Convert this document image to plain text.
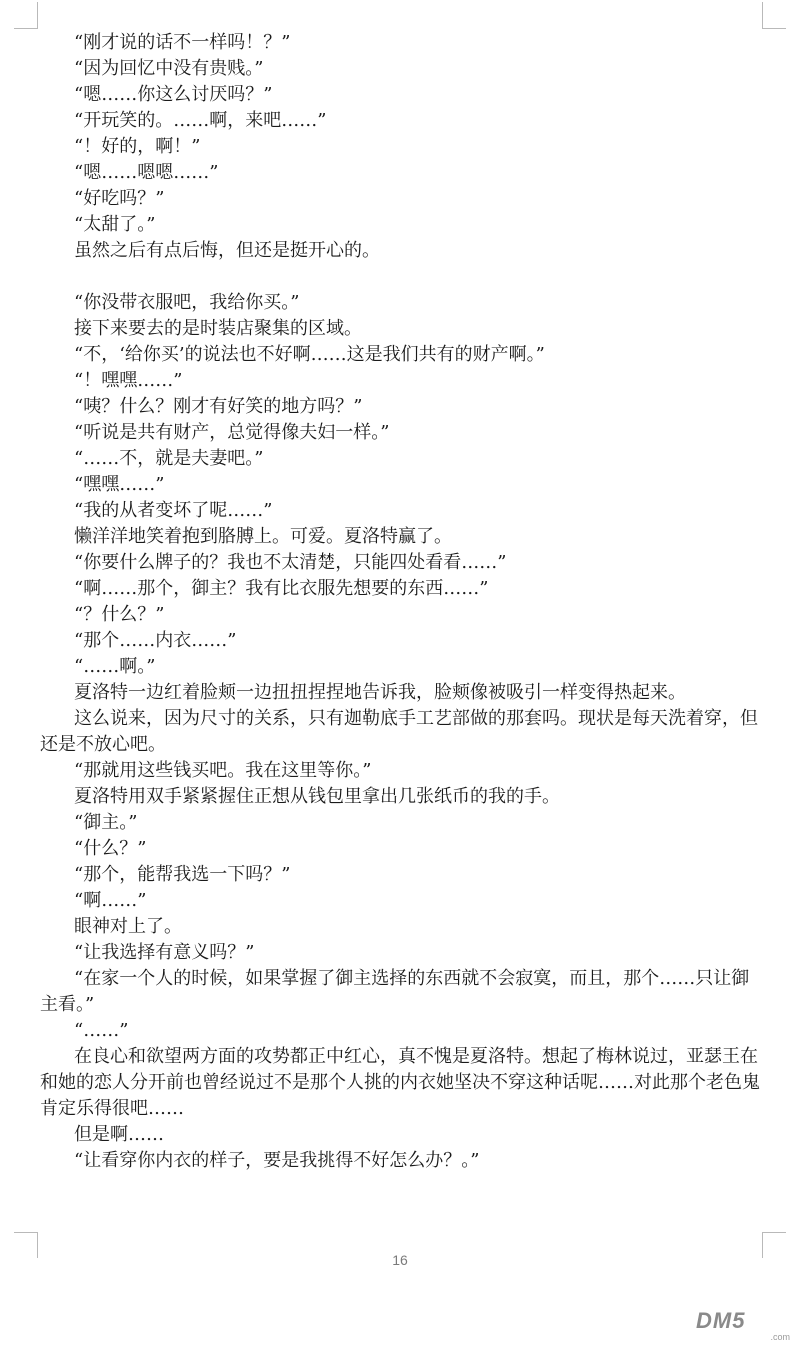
“刚才说的话不一样吗！？”

“因为回忆中没有贵贱。”

“嗯……你这么讨厌吗？”

“开玩笑的。……啊，来吧……”

“！好的，啊！”

“嗯……嗯嗯……”

“好吃吗？”

“太甜了。”

虽然之后有点后悔，但还是挺开心的。

“你没带衣服吧，我给你买。”

接下来要去的是时装店聚集的区域。

“不，‘给你买’的说法也不好啊……这是我们共有的财产啊。”

“！嘿嘿……”

“咦？什么？刚才有好笑的地方吗？”

“听说是共有财产，总觉得像夫妇一样。”

“……不，就是夫妻吧。”

“嘿嘿……”

“我的从者变坏了呢……”

懒洋洋地笑着抱到胳膊上。可爱。夏洛特赢了。

“你要什么牌子的？我也不太清楚，只能四处看看……”

“啊……那个，御主？我有比衣服先想要的东西……”

“？什么？”

“那个……内衣……”

“……啊。”

夏洛特一边红着脸颊一边扭扭捏捏地告诉我，脸颊像被吸引一样变得热起来。

这么说来，因为尺寸的关系，只有迦勒底手工艺部做的那套吗。现状是每天洗着穿，但还是不放心吧。

“那就用这些钱买吧。我在这里等你。”

夏洛特用双手紧紧握住正想从钱包里拿出几张纸币的我的手。

“御主。”

“什么？”

“那个，能帮我选一下吗？”

“啊……”

眼神对上了。

“让我选择有意义吗？”

“在家一个人的时候，如果掌握了御主选择的东西就不会寂寞，而且，那个……只让御主看。”

“……”

在良心和欲望两方面的攻势都正中红心，真不愧是夏洛特。想起了梅林说过，亚瑟王在和她的恋人分开前也曾经说过不是那个人挑的内衣她坚决不穿这种话呢……对此那个老色鬼肯定乐得很吧……

但是啊……

“让看穿你内衣的样子，要是我挑得不好怎么办？。”

16
DM5
.com
